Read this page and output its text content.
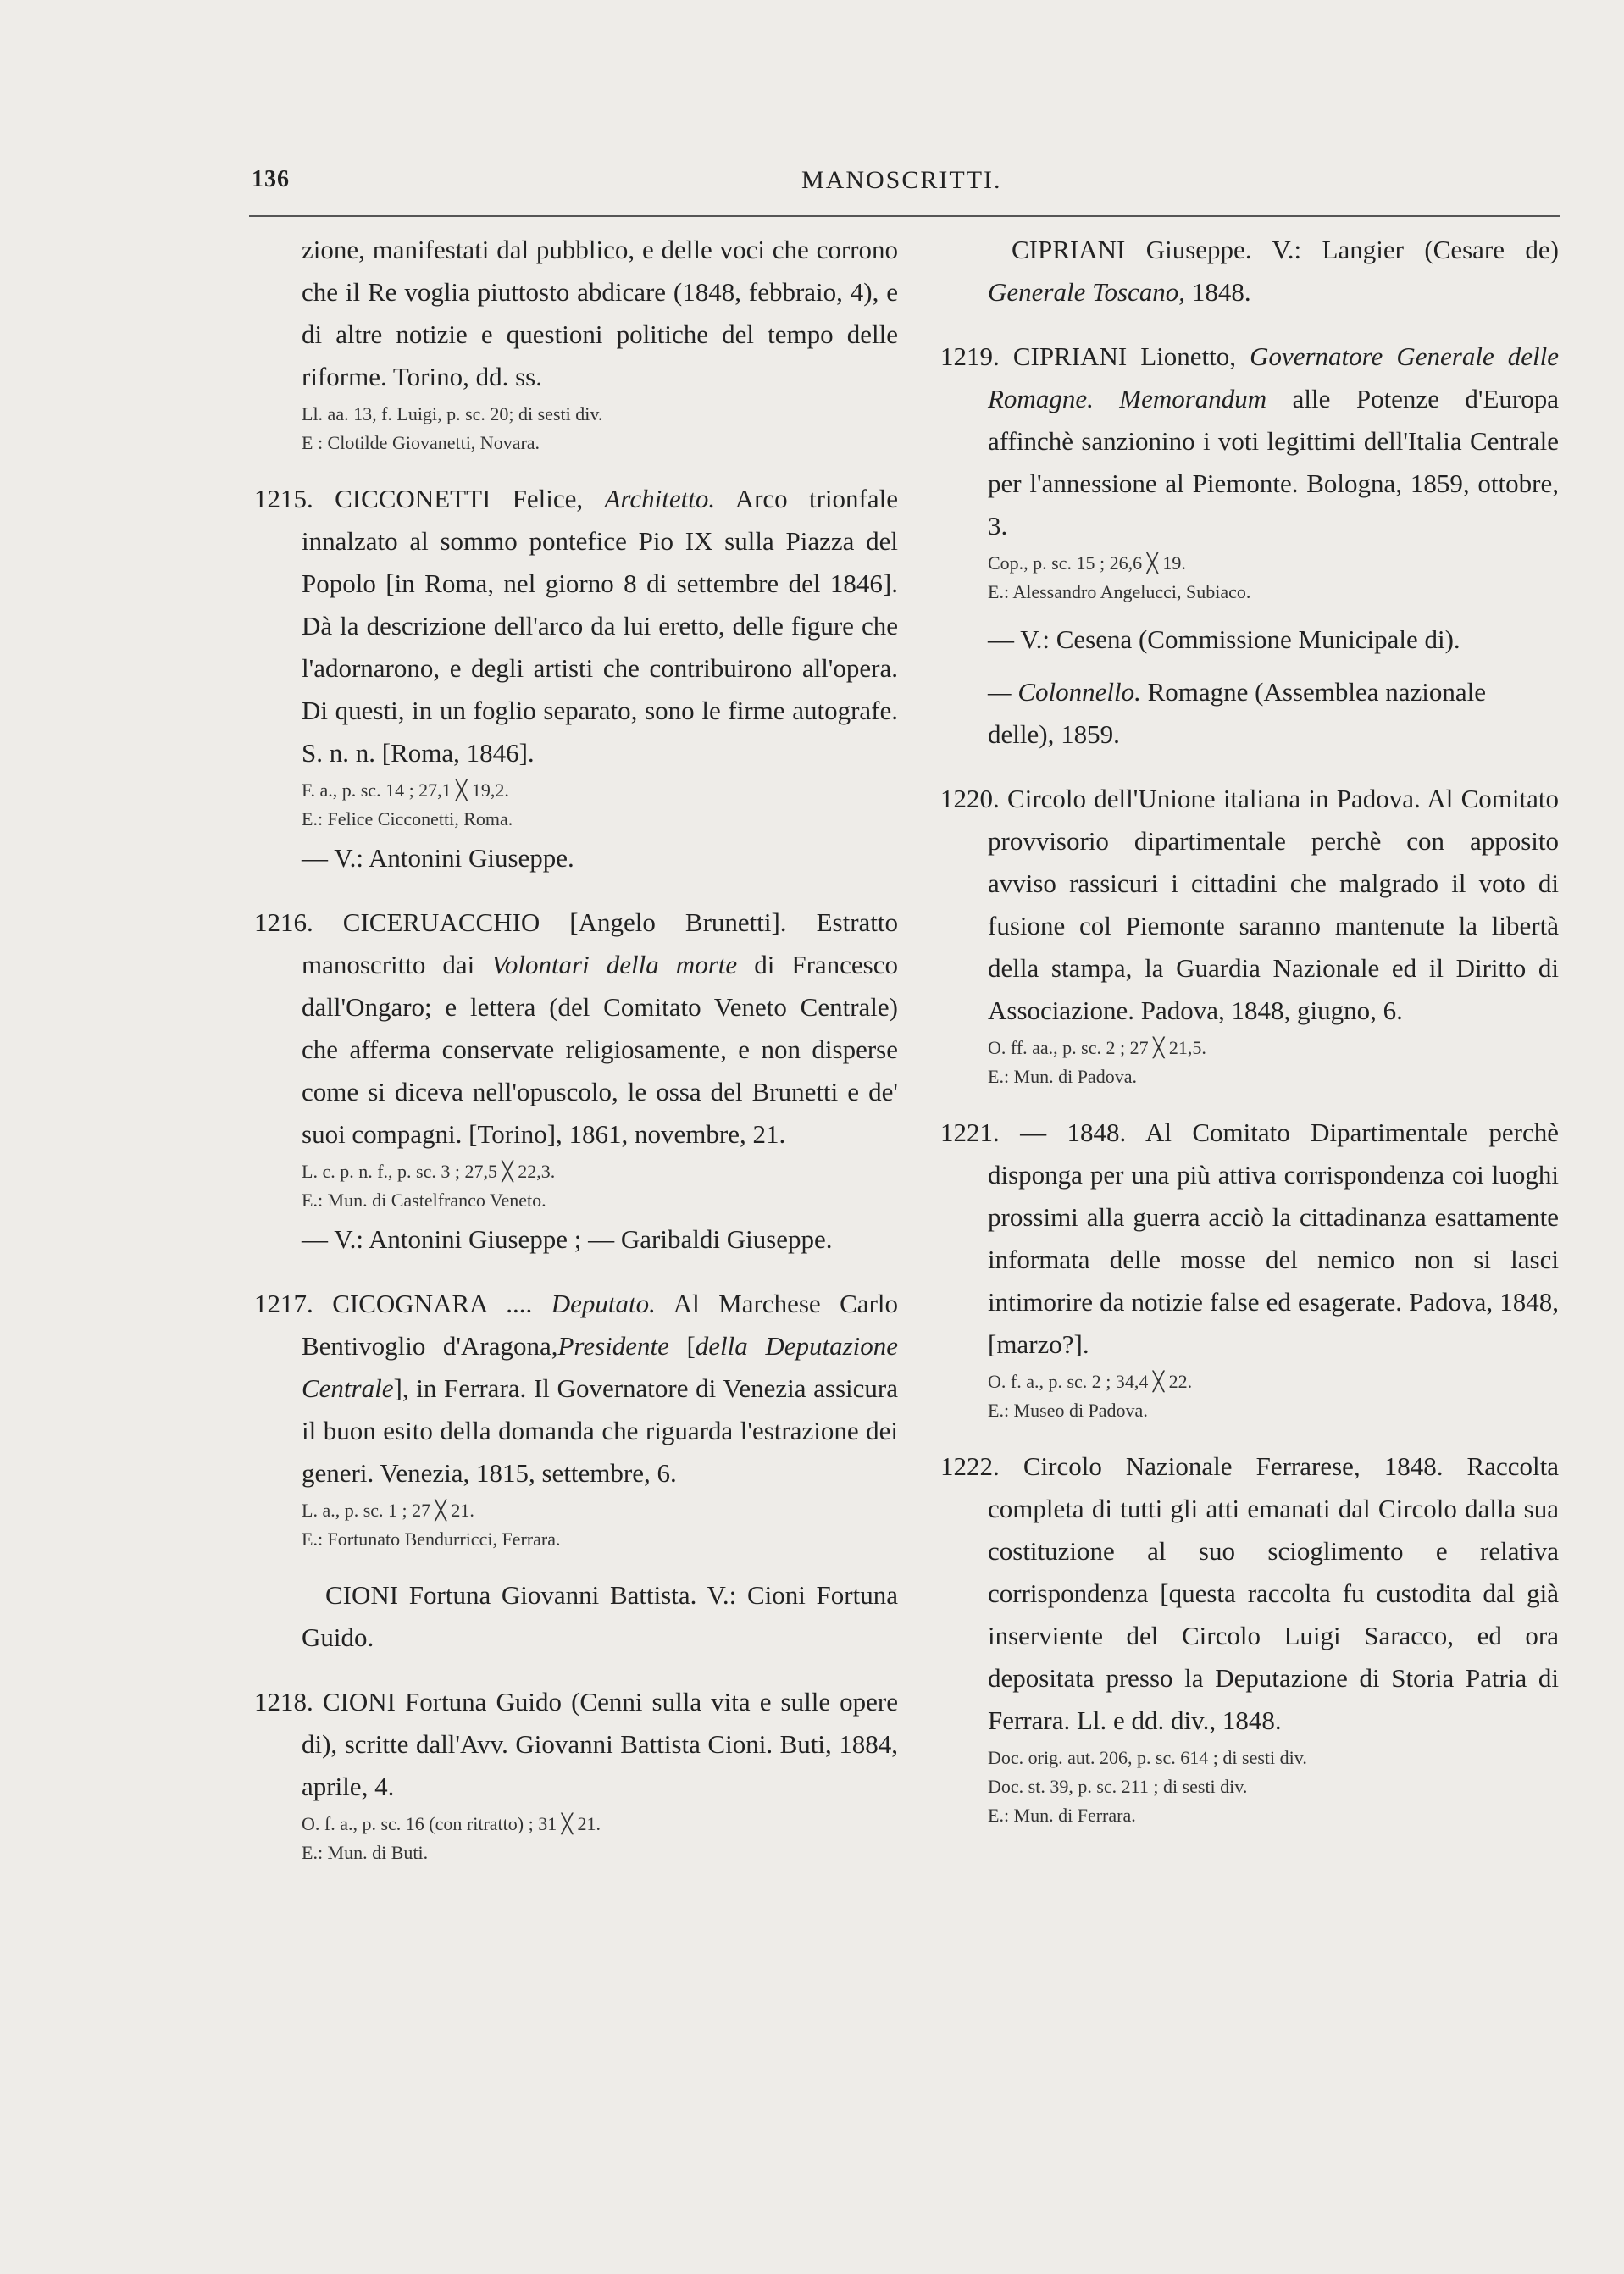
136	MANOSCRITTI.

zione, manifestati dal pubblico, e delle voci che corrono che il Re voglia piuttosto abdicare (1848, febbraio, 4), e di altre notizie e questioni politiche del tempo delle riforme. Torino, dd. ss.

Ll. aa. 13, f. Luigi, p. sc. 20; di sesti div.
E : Clotilde Giovanetti, Novara.

1215. CICCONETTI Felice, Architetto. Arco trionfale innalzato al sommo pontefice Pio IX sulla Piazza del Popolo [in Roma, nel giorno 8 di settembre del 1846]. Dà la descrizione dell'arco da lui eretto, delle figure che l'adornarono, e degli artisti che contribuirono all'opera. Di questi, in un foglio separato, sono le firme autografe. S. n. n. [Roma, 1846].

F. a., p. sc. 14 ; 27,1 ╳ 19,2.
E.: Felice Cicconetti, Roma.
— V.: Antonini Giuseppe.

1216. CICERUACCHIO [Angelo Brunetti]. Estratto manoscritto dai Volontari della morte di Francesco dall'Ongaro; e lettera (del Comitato Veneto Centrale) che afferma conservate religiosamente, e non disperse come si diceva nell'opuscolo, le ossa del Brunetti e de' suoi compagni. [Torino], 1861, novembre, 21.

L. c. p. n. f., p. sc. 3 ; 27,5 ╳ 22,3.
E.: Mun. di Castelfranco Veneto.
— V.: Antonini Giuseppe ; — Garibaldi Giuseppe.

1217. CICOGNARA .... Deputato. Al Marchese Carlo Bentivoglio d'Aragona,Presidente [della Deputazione Centrale], in Ferrara. Il Governatore di Venezia assicura il buon esito della domanda che riguarda l'estrazione dei generi. Venezia, 1815, settembre, 6.

L. a., p. sc. 1 ; 27 ╳ 21.
E.: Fortunato Bendurricci, Ferrara.

CIONI Fortuna Giovanni Battista. V.: Cioni Fortuna Guido.

1218. CIONI Fortuna Guido (Cenni sulla vita e sulle opere di), scritte dall'Avv. Giovanni Battista Cioni. Buti, 1884, aprile, 4.

O. f. a., p. sc. 16 (con ritratto) ; 31 ╳ 21.
E.: Mun. di Buti.

CIPRIANI Giuseppe. V.: Langier (Cesare de) Generale Toscano, 1848.

1219. CIPRIANI Lionetto, Governatore Generale delle Romagne. Memorandum alle Potenze d'Europa affinchè sanzionino i voti legittimi dell'Italia Centrale per l'annessione al Piemonte. Bologna, 1859, ottobre, 3.

Cop., p. sc. 15 ; 26,6 ╳ 19.
E.: Alessandro Angelucci, Subiaco.
— V.: Cesena (Commissione Municipale di).
— Colonnello. Romagne (Assemblea nazionale delle), 1859.

1220. Circolo dell'Unione italiana in Padova. Al Comitato provvisorio dipartimentale perchè con apposito avviso rassicuri i cittadini che malgrado il voto di fusione col Piemonte saranno mantenute la libertà della stampa, la Guardia Nazionale ed il Diritto di Associazione. Padova, 1848, giugno, 6.

O. ff. aa., p. sc. 2 ; 27 ╳ 21,5.
E.: Mun. di Padova.

1221. — 1848. Al Comitato Dipartimentale perchè disponga per una più attiva corrispondenza coi luoghi prossimi alla guerra acciò la cittadinanza esattamente informata delle mosse del nemico non si lasci intimorire da notizie false ed esagerate. Padova, 1848, [marzo?].

O. f. a., p. sc. 2 ; 34,4 ╳ 22.
E.: Museo di Padova.

1222. Circolo Nazionale Ferrarese, 1848. Raccolta completa di tutti gli atti emanati dal Circolo dalla sua costituzione al suo scioglimento e relativa corrispondenza [questa raccolta fu custodita dal già inserviente del Circolo Luigi Saracco, ed ora depositata presso la Deputazione di Storia Patria di Ferrara. Ll. e dd. div., 1848.

Doc. orig. aut. 206, p. sc. 614 ; di sesti div.
Doc. st. 39, p. sc. 211 ; di sesti div.
E.: Mun. di Ferrara.
